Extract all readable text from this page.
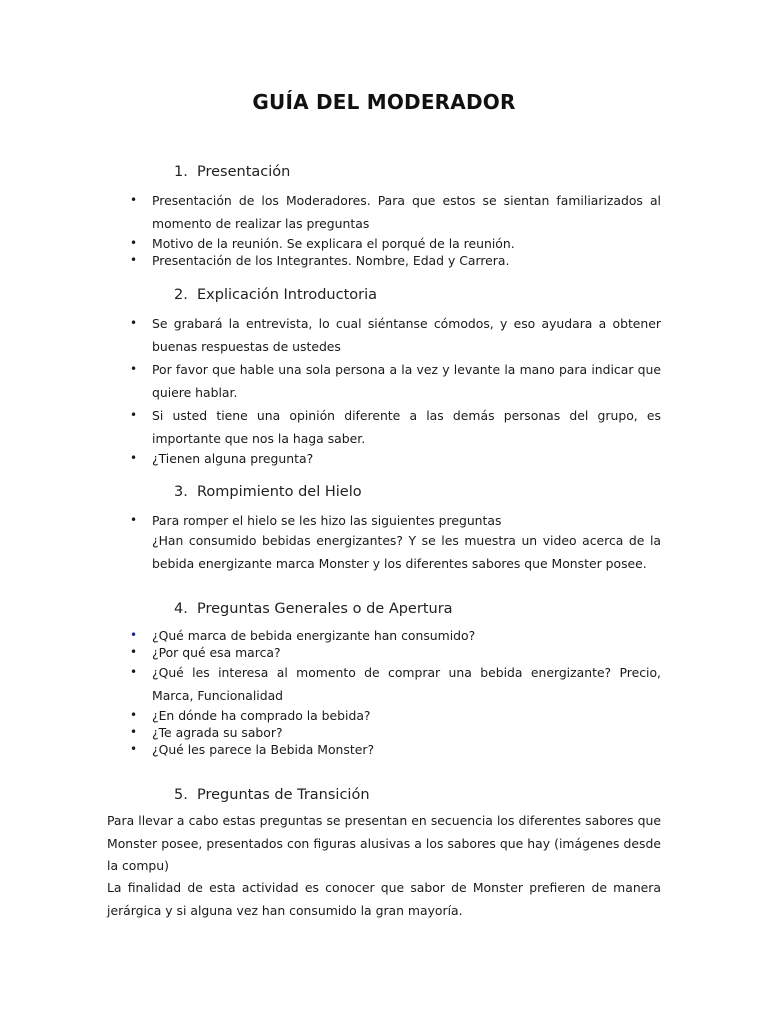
GUÍA DEL MODERADOR
1. Presentación
• Presentación de los Moderadores. Para que estos se sientan familiarizados al momento de realizar las preguntas
• Motivo de la reunión. Se explicara el porqué de la reunión.
• Presentación de los Integrantes. Nombre, Edad y Carrera.
2. Explicación Introductoria
• Se grabará la entrevista, lo cual siéntanse cómodos, y eso ayudara a obtener buenas respuestas de ustedes
• Por favor que hable una sola persona a la vez y levante la mano para indicar que quiere hablar.
• Si usted tiene una opinión diferente a las demás personas del grupo, es importante que nos la haga saber.
• ¿Tienen alguna pregunta?
3. Rompimiento del Hielo
• Para romper el hielo se les hizo las siguientes preguntas
¿Han consumido bebidas energizantes? Y se les muestra un video acerca de la bebida energizante marca Monster y los diferentes sabores que Monster posee.
4. Preguntas Generales o de Apertura
• ¿Qué marca de bebida energizante han consumido?
• ¿Por qué esa marca?
• ¿Qué les interesa al momento de comprar una bebida energizante? Precio, Marca, Funcionalidad
• ¿En dónde ha comprado la bebida?
• ¿Te agrada su sabor?
• ¿Qué les parece la Bebida Monster?
5. Preguntas de Transición

Para llevar a cabo estas preguntas se presentan en secuencia los diferentes sabores que Monster posee, presentados con figuras alusivas a los sabores que hay (imágenes desde la compu)

La finalidad de esta actividad es conocer que sabor de Monster prefieren de manera jerárgica y si alguna vez han consumido la gran mayoría.
